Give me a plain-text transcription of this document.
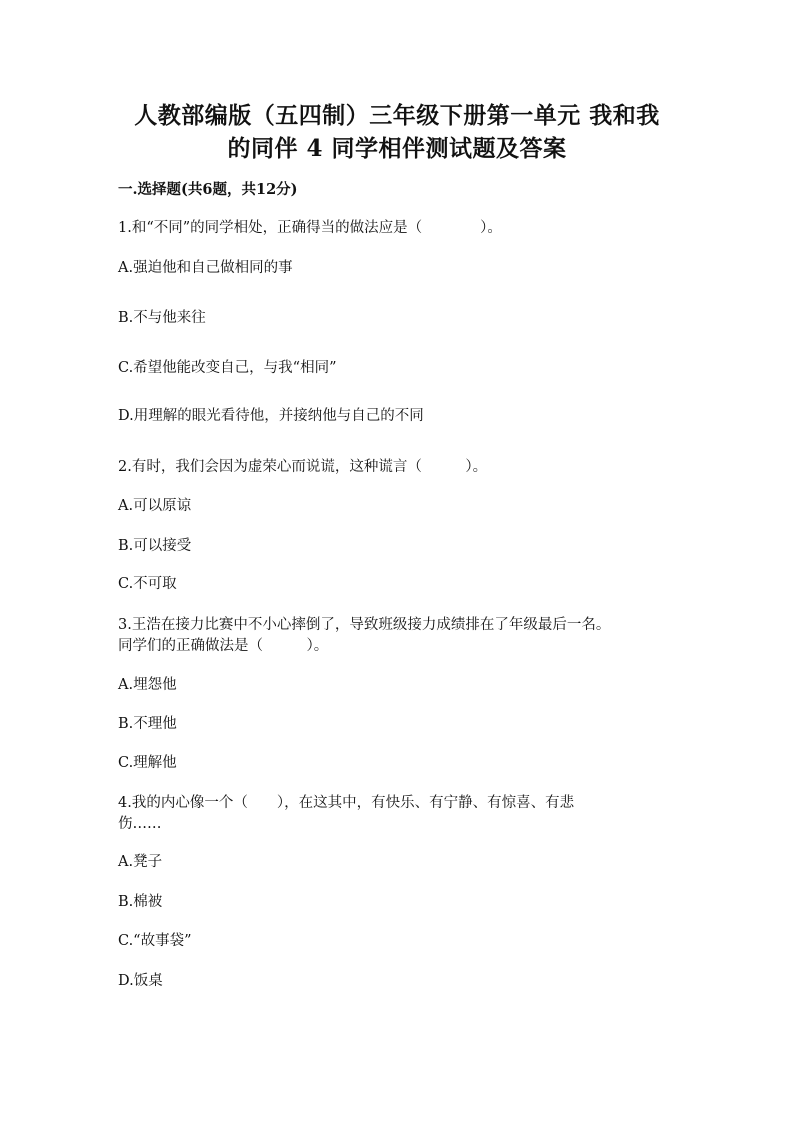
人教部编版（五四制）三年级下册第一单元 我和我
的同伴 4 同学相伴测试题及答案
一.选择题(共6题，共12分)
1.和“不同”的同学相处，正确得当的做法应是（　　　　）。
A.强迫他和自己做相同的事
B.不与他来往
C.希望他能改变自己，与我“相同”
D.用理解的眼光看待他，并接纳他与自己的不同
2.有时，我们会因为虚荣心而说谎，这种谎言（　　　）。
A.可以原谅
B.可以接受
C.不可取
3.王浩在接力比赛中不小心摔倒了，导致班级接力成绩排在了年级最后一名。
同学们的正确做法是（　　　）。
A.埋怨他
B.不理他
C.理解他
4.我的内心像一个（　　），在这其中，有快乐、有宁静、有惊喜、有悲
伤……
A.凳子
B.棉被
C.“故事袋”
D.饭桌
